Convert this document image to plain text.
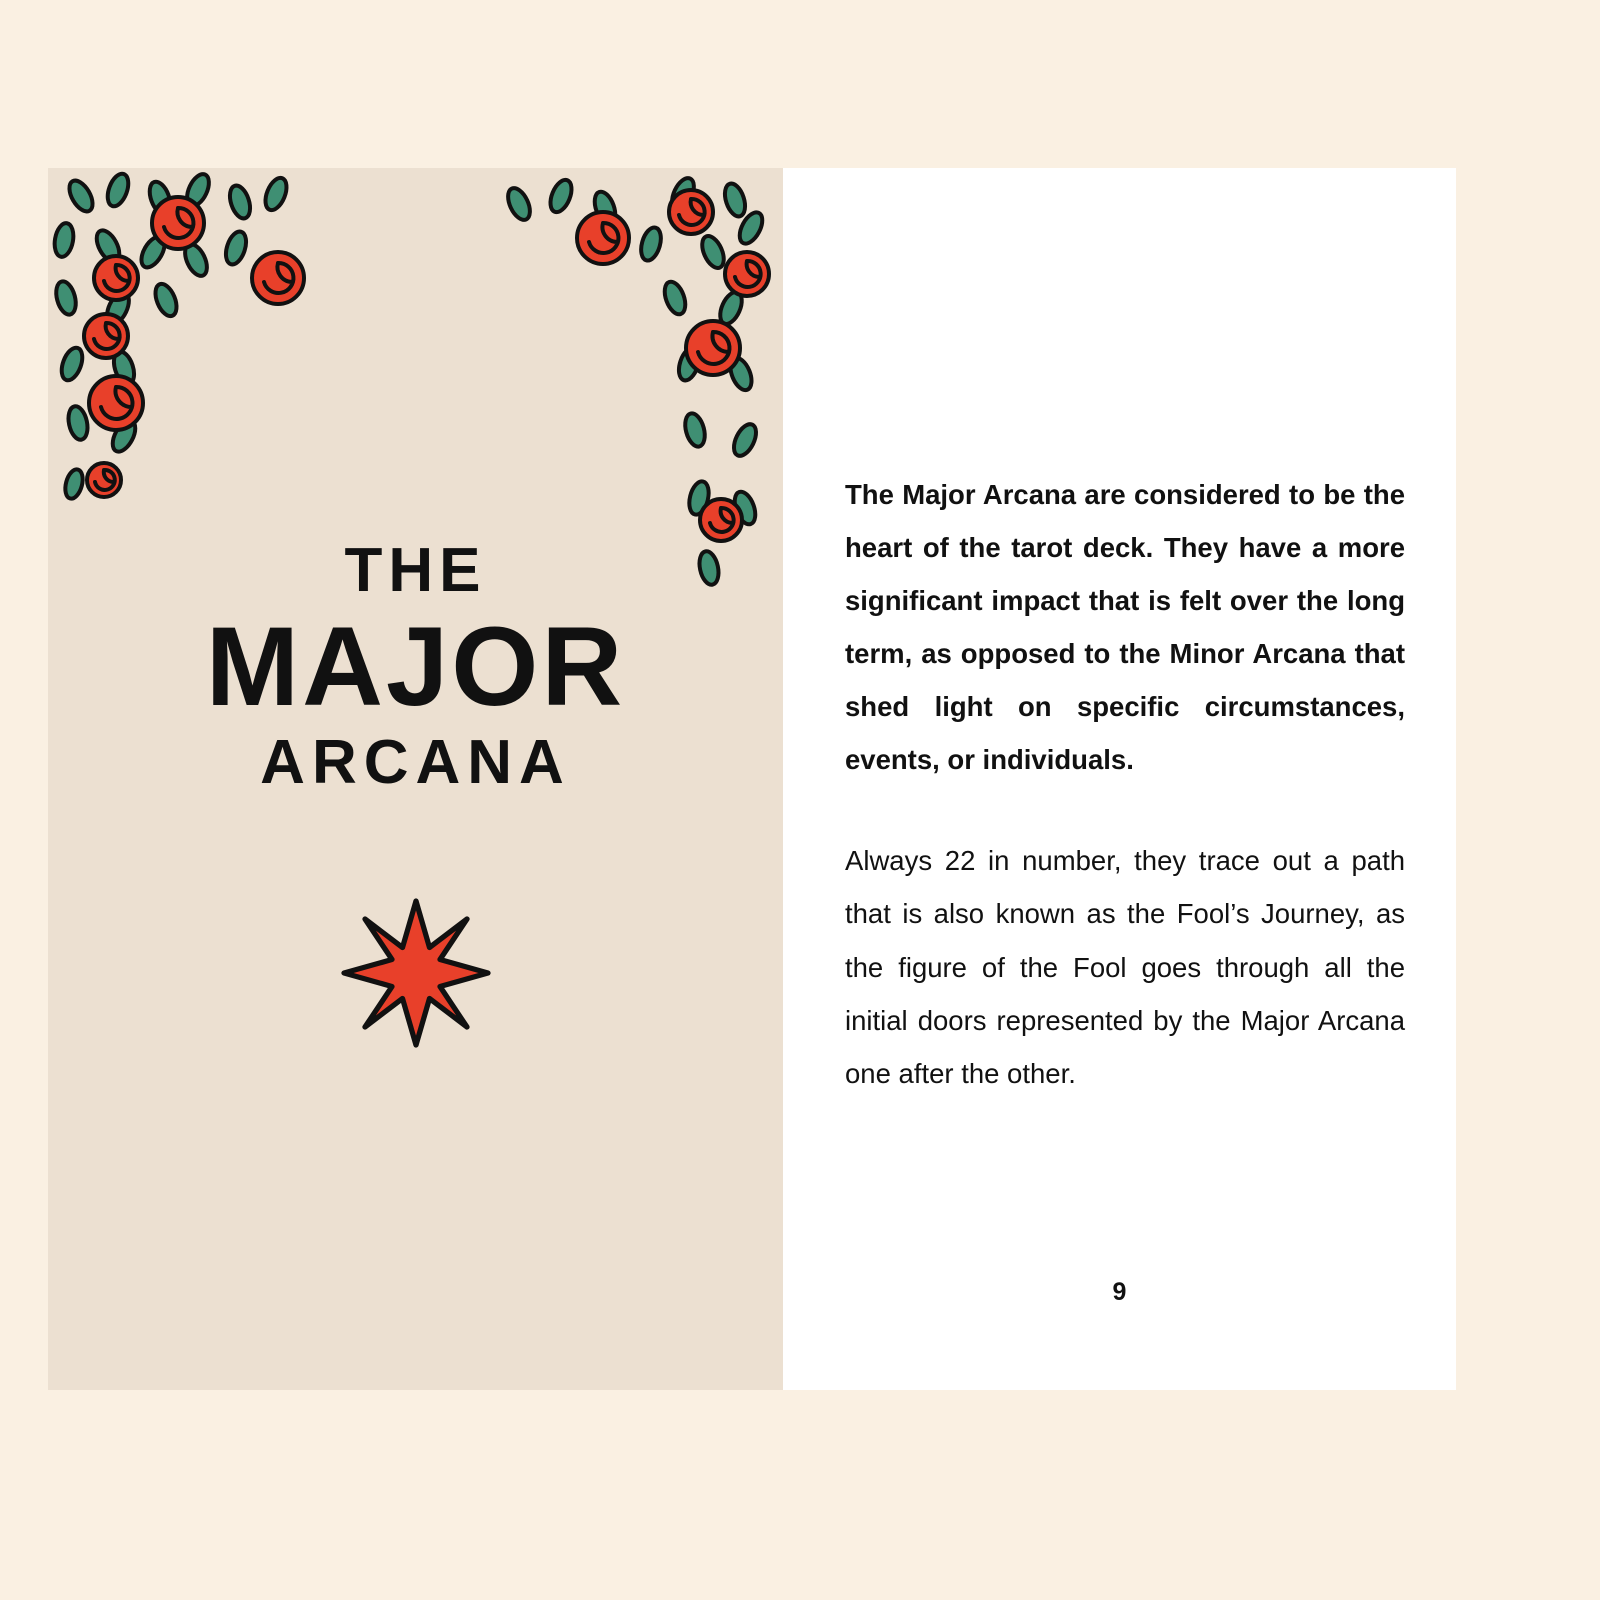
THE
MAJOR
ARCANA

The Major Arcana are considered to be the heart of the tarot deck. They have a more significant impact that is felt over the long term, as opposed to the Minor Arcana that shed light on specific circumstances, events, or individuals.

Always 22 in number, they trace out a path that is also known as the Fool’s Journey, as the figure of the Fool goes through all the initial doors represented by the Major Arcana one after the other.

9
